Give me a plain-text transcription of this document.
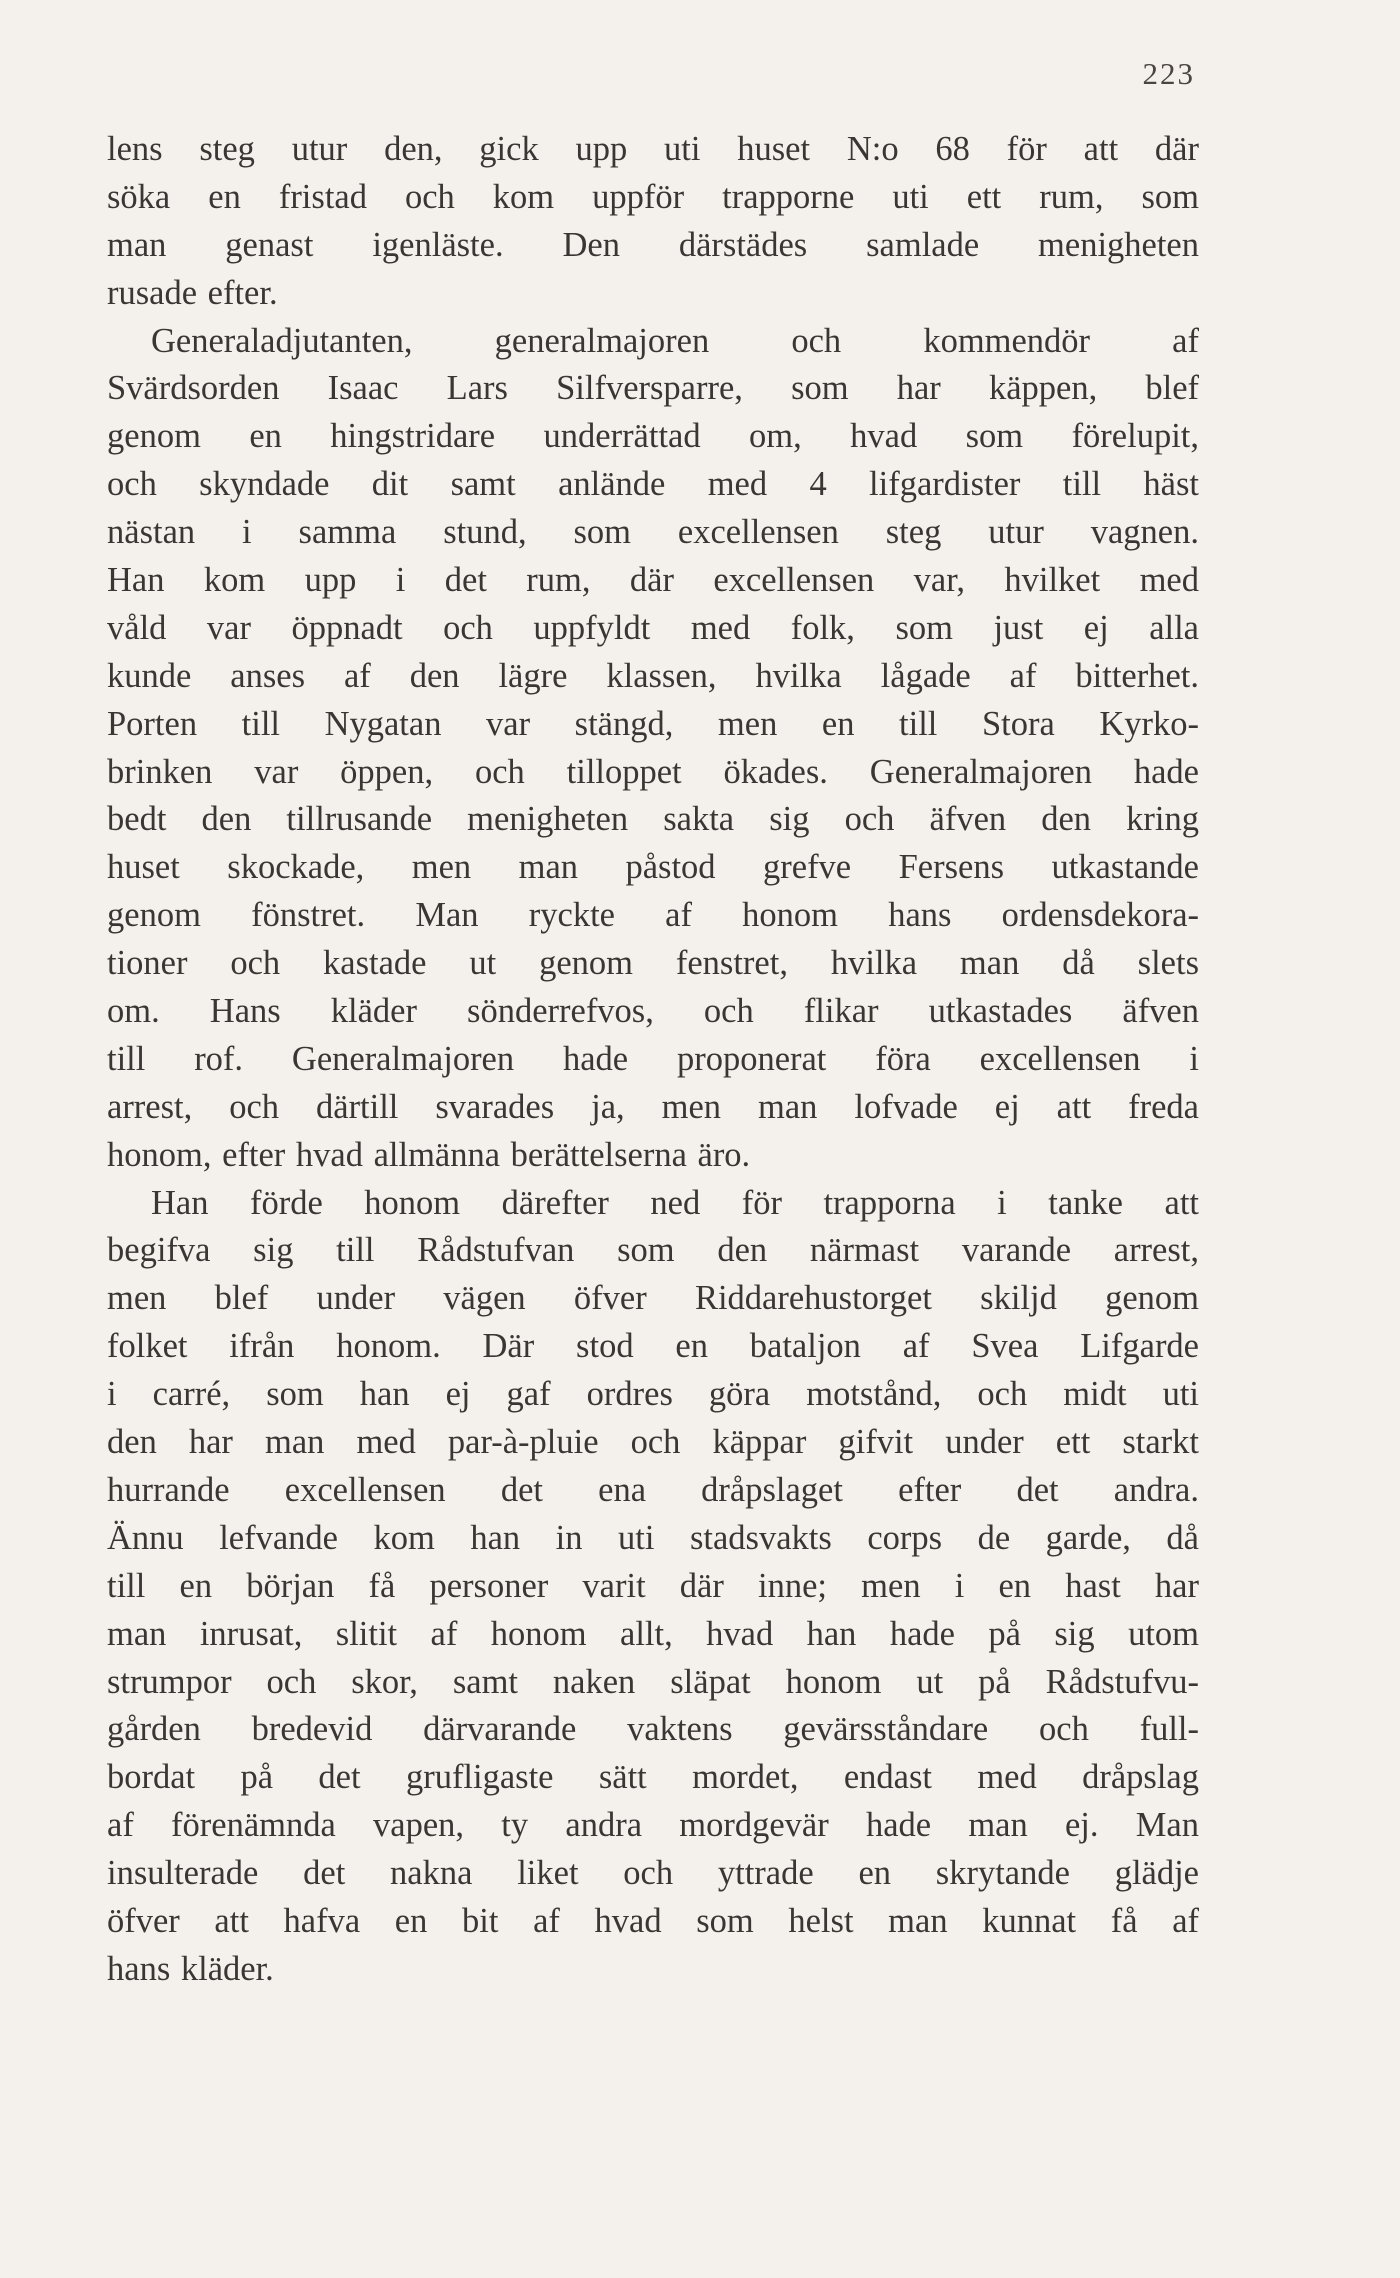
223
lens steg utur den, gick upp uti huset N:o 68 för att där
söka en fristad och kom uppför trapporne uti ett rum, som
man genast igenläste. Den därstädes samlade menigheten
rusade efter.
Generaladjutanten, generalmajoren och kommendör af
Svärdsorden Isaac Lars Silfversparre, som har käppen, blef
genom en hingstridare underrättad om, hvad som förelupit,
och skyndade dit samt anlände med 4 lifgardister till häst
nästan i samma stund, som excellensen steg utur vagnen.
Han kom upp i det rum, där excellensen var, hvilket med
våld var öppnadt och uppfyldt med folk, som just ej alla
kunde anses af den lägre klassen, hvilka lågade af bitterhet.
Porten till Nygatan var stängd, men en till Stora Kyrko-
brinken var öppen, och tilloppet ökades. Generalmajoren hade
bedt den tillrusande menigheten sakta sig och äfven den kring
huset skockade, men man påstod grefve Fersens utkastande
genom fönstret. Man ryckte af honom hans ordensdekora-
tioner och kastade ut genom fenstret, hvilka man då slets
om. Hans kläder sönderrefvos, och flikar utkastades äfven
till rof. Generalmajoren hade proponerat föra excellensen i
arrest, och därtill svarades ja, men man lofvade ej att freda
honom, efter hvad allmänna berättelserna äro.
Han förde honom därefter ned för trapporna i tanke att
begifva sig till Rådstufvan som den närmast varande arrest,
men blef under vägen öfver Riddarehustorget skiljd genom
folket ifrån honom. Där stod en bataljon af Svea Lifgarde
i carré, som han ej gaf ordres göra motstånd, och midt uti
den har man med par-à-pluie och käppar gifvit under ett starkt
hurrande excellensen det ena dråpslaget efter det andra.
Ännu lefvande kom han in uti stadsvakts corps de garde, då
till en början få personer varit där inne; men i en hast har
man inrusat, slitit af honom allt, hvad han hade på sig utom
strumpor och skor, samt naken släpat honom ut på Rådstufvu-
gården bredevid därvarande vaktens gevärsståndare och full-
bordat på det grufligaste sätt mordet, endast med dråpslag
af förenämnda vapen, ty andra mordgevär hade man ej. Man
insulterade det nakna liket och yttrade en skrytande glädje
öfver att hafva en bit af hvad som helst man kunnat få af
hans kläder.
